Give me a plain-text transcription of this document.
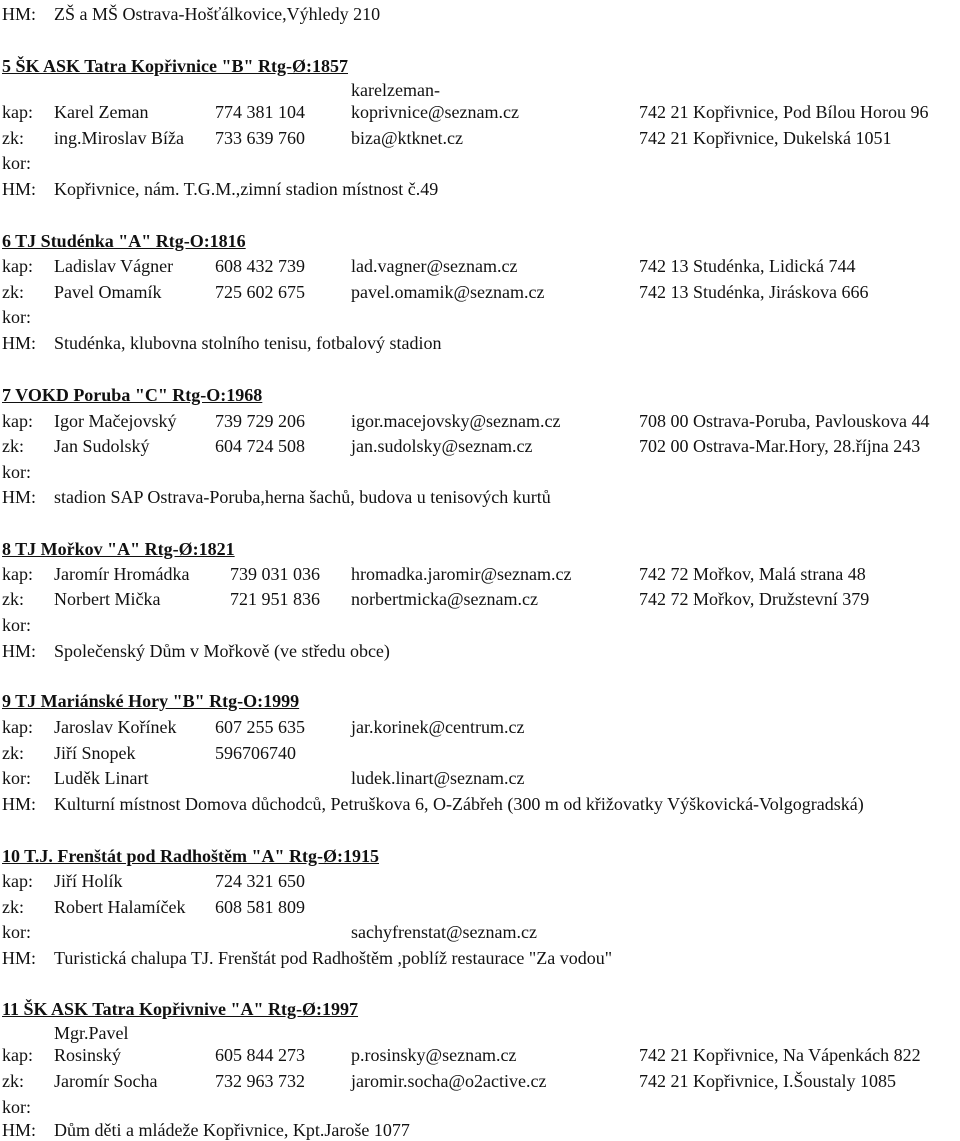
HM: ZŠ a MŠ Ostrava-Hošťálkovice,Výhledy 210
5 ŠK ASK Tatra Kopřivnice "B" Rtg-Ø:1857
karelzeman-
kap: Karel Zeman	774 381 104	koprivnice@seznam.cz	742 21 Kopřivnice, Pod Bílou Horou 96
zk: ing.Miroslav Bíža 733 639 760	biza@ktknet.cz	742 21 Kopřivnice, Dukelská 1051
kor:
HM: Kopřivnice, nám. T.G.M.,zimní stadion místnost č.49
6 TJ Studénka "A" Rtg-O:1816
kap: Ladislav Vágner 608 432 739	lad.vagner@seznam.cz	742 13 Studénka, Lidická 744
zk: Pavel Omamík	725 602 675	pavel.omamik@seznam.cz	742 13 Studénka, Jiráskova 666
kor:
HM: Studénka, klubovna stolního tenisu, fotbalový stadion
7 VOKD Poruba "C" Rtg-O:1968
kap: Igor Mačejovský 739 729 206	igor.macejovsky@seznam.cz	708 00 Ostrava-Poruba, Pavlouskova 44
zk: Jan Sudolský	604 724 508	jan.sudolsky@seznam.cz	702 00 Ostrava-Mar.Hory, 28.října 243
kor:
HM: stadion SAP Ostrava-Poruba,herna šachů, budova u tenisových kurtů
8 TJ Mořkov "A" Rtg-Ø:1821
kap: Jaromír Hromádka 739 031 036 hromadka.jaromir@seznam.cz	742 72 Mořkov, Malá strana 48
zk: Norbert Mička	721 951 836 norbertmicka@seznam.cz	742 72 Mořkov, Družstevní 379
kor:
HM: Společenský Dům v Mořkově (ve středu obce)
9 TJ Mariánské Hory "B" Rtg-O:1999
kap: Jaroslav Kořínek 607 255 635	jar.korinek@centrum.cz
zk: Jiří Snopek	596706740
kor: Luděk Linart	ludek.linart@seznam.cz
HM: Kulturní místnost Domova důchodců, Petruškova 6, O-Zábřeh (300 m od křižovatky Výškovická-Volgogradská)
10 T.J. Frenštát pod Radhoštěm "A" Rtg-Ø:1915
kap: Jiří Holík	724 321 650
zk: Robert Halamíček 608 581 809
kor:	sachyfrenstat@seznam.cz
HM: Turistická chalupa TJ. Frenštát pod Radhoštěm ,poblíž restaurace "Za vodou"
11 ŠK ASK Tatra Kopřivnive "A" Rtg-Ø:1997
Mgr.Pavel
kap: Rosinský	605 844 273	p.rosinsky@seznam.cz	742 21 Kopřivnice, Na Vápenkách 822
zk: Jaromír Socha	732 963 732	jaromir.socha@o2active.cz	742 21 Kopřivnice, I.Šoustaly 1085
kor:
HM: Dům děti a mládeže Kopřivnice, Kpt.Jaroše 1077
